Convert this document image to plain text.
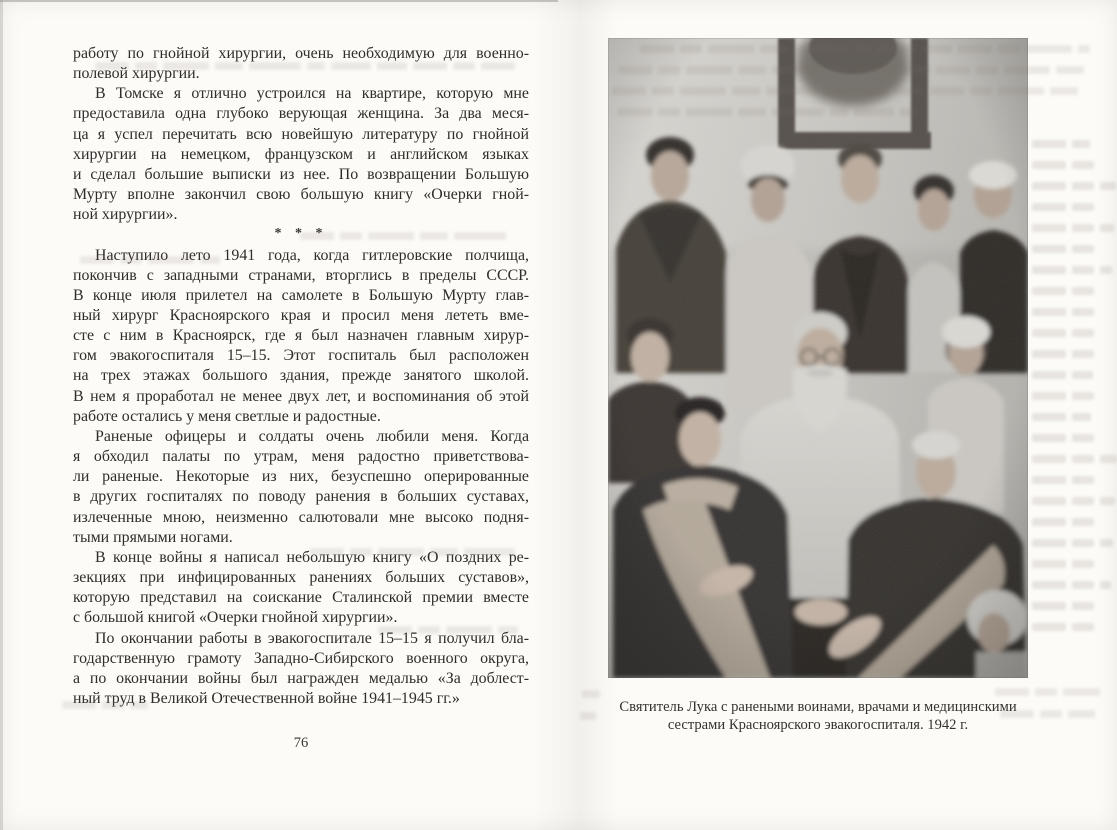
работу по гнойной хирургии, очень необходимую для военно-
полевой хирургии.
В Томске я отлично устроился на квартире, которую мне
предоставила одна глубоко верующая женщина. За два меся-
ца я успел перечитать всю новейшую литературу по гнойной
хирургии на немецком, французском и английском языках
и сделал большие выписки из нее. По возвращении Большую
Мурту вполне закончил свою большую книгу «Очерки гной-
ной хирургии».
* * *
Наступило лето 1941 года, когда гитлеровские полчища,
покончив с западными странами, вторглись в пределы СССР.
В конце июля прилетел на самолете в Большую Мурту глав-
ный хирург Красноярского края и просил меня лететь вме-
сте с ним в Красноярск, где я был назначен главным хирур-
гом эвакогоспиталя 15–15. Этот госпиталь был расположен
на трех этажах большого здания, прежде занятого школой.
В нем я проработал не менее двух лет, и воспоминания об этой
работе остались у меня светлые и радостные.
Раненые офицеры и солдаты очень любили меня. Когда
я обходил палаты по утрам, меня радостно приветствова-
ли раненые. Некоторые из них, безуспешно оперированные
в других госпиталях по поводу ранения в больших суставах,
излеченные мною, неизменно салютовали мне высоко подня-
тыми прямыми ногами.
В конце войны я написал небольшую книгу «О поздних ре-
зекциях при инфицированных ранениях больших суставов»,
которую представил на соискание Сталинской премии вместе
с большой книгой «Очерки гнойной хирургии».
По окончании работы в эвакогоспитале 15–15 я получил бла-
годарственную грамоту Западно-Сибирского военного округа,
а по окончании войны был награжден медалью «За доблест-
ный труд в Великой Отечественной войне 1941–1945 гг.»
76
Святитель Лука с ранеными воинами, врачами и медицинскими
сестрами Красноярского эвакогоспиталя. 1942 г.
